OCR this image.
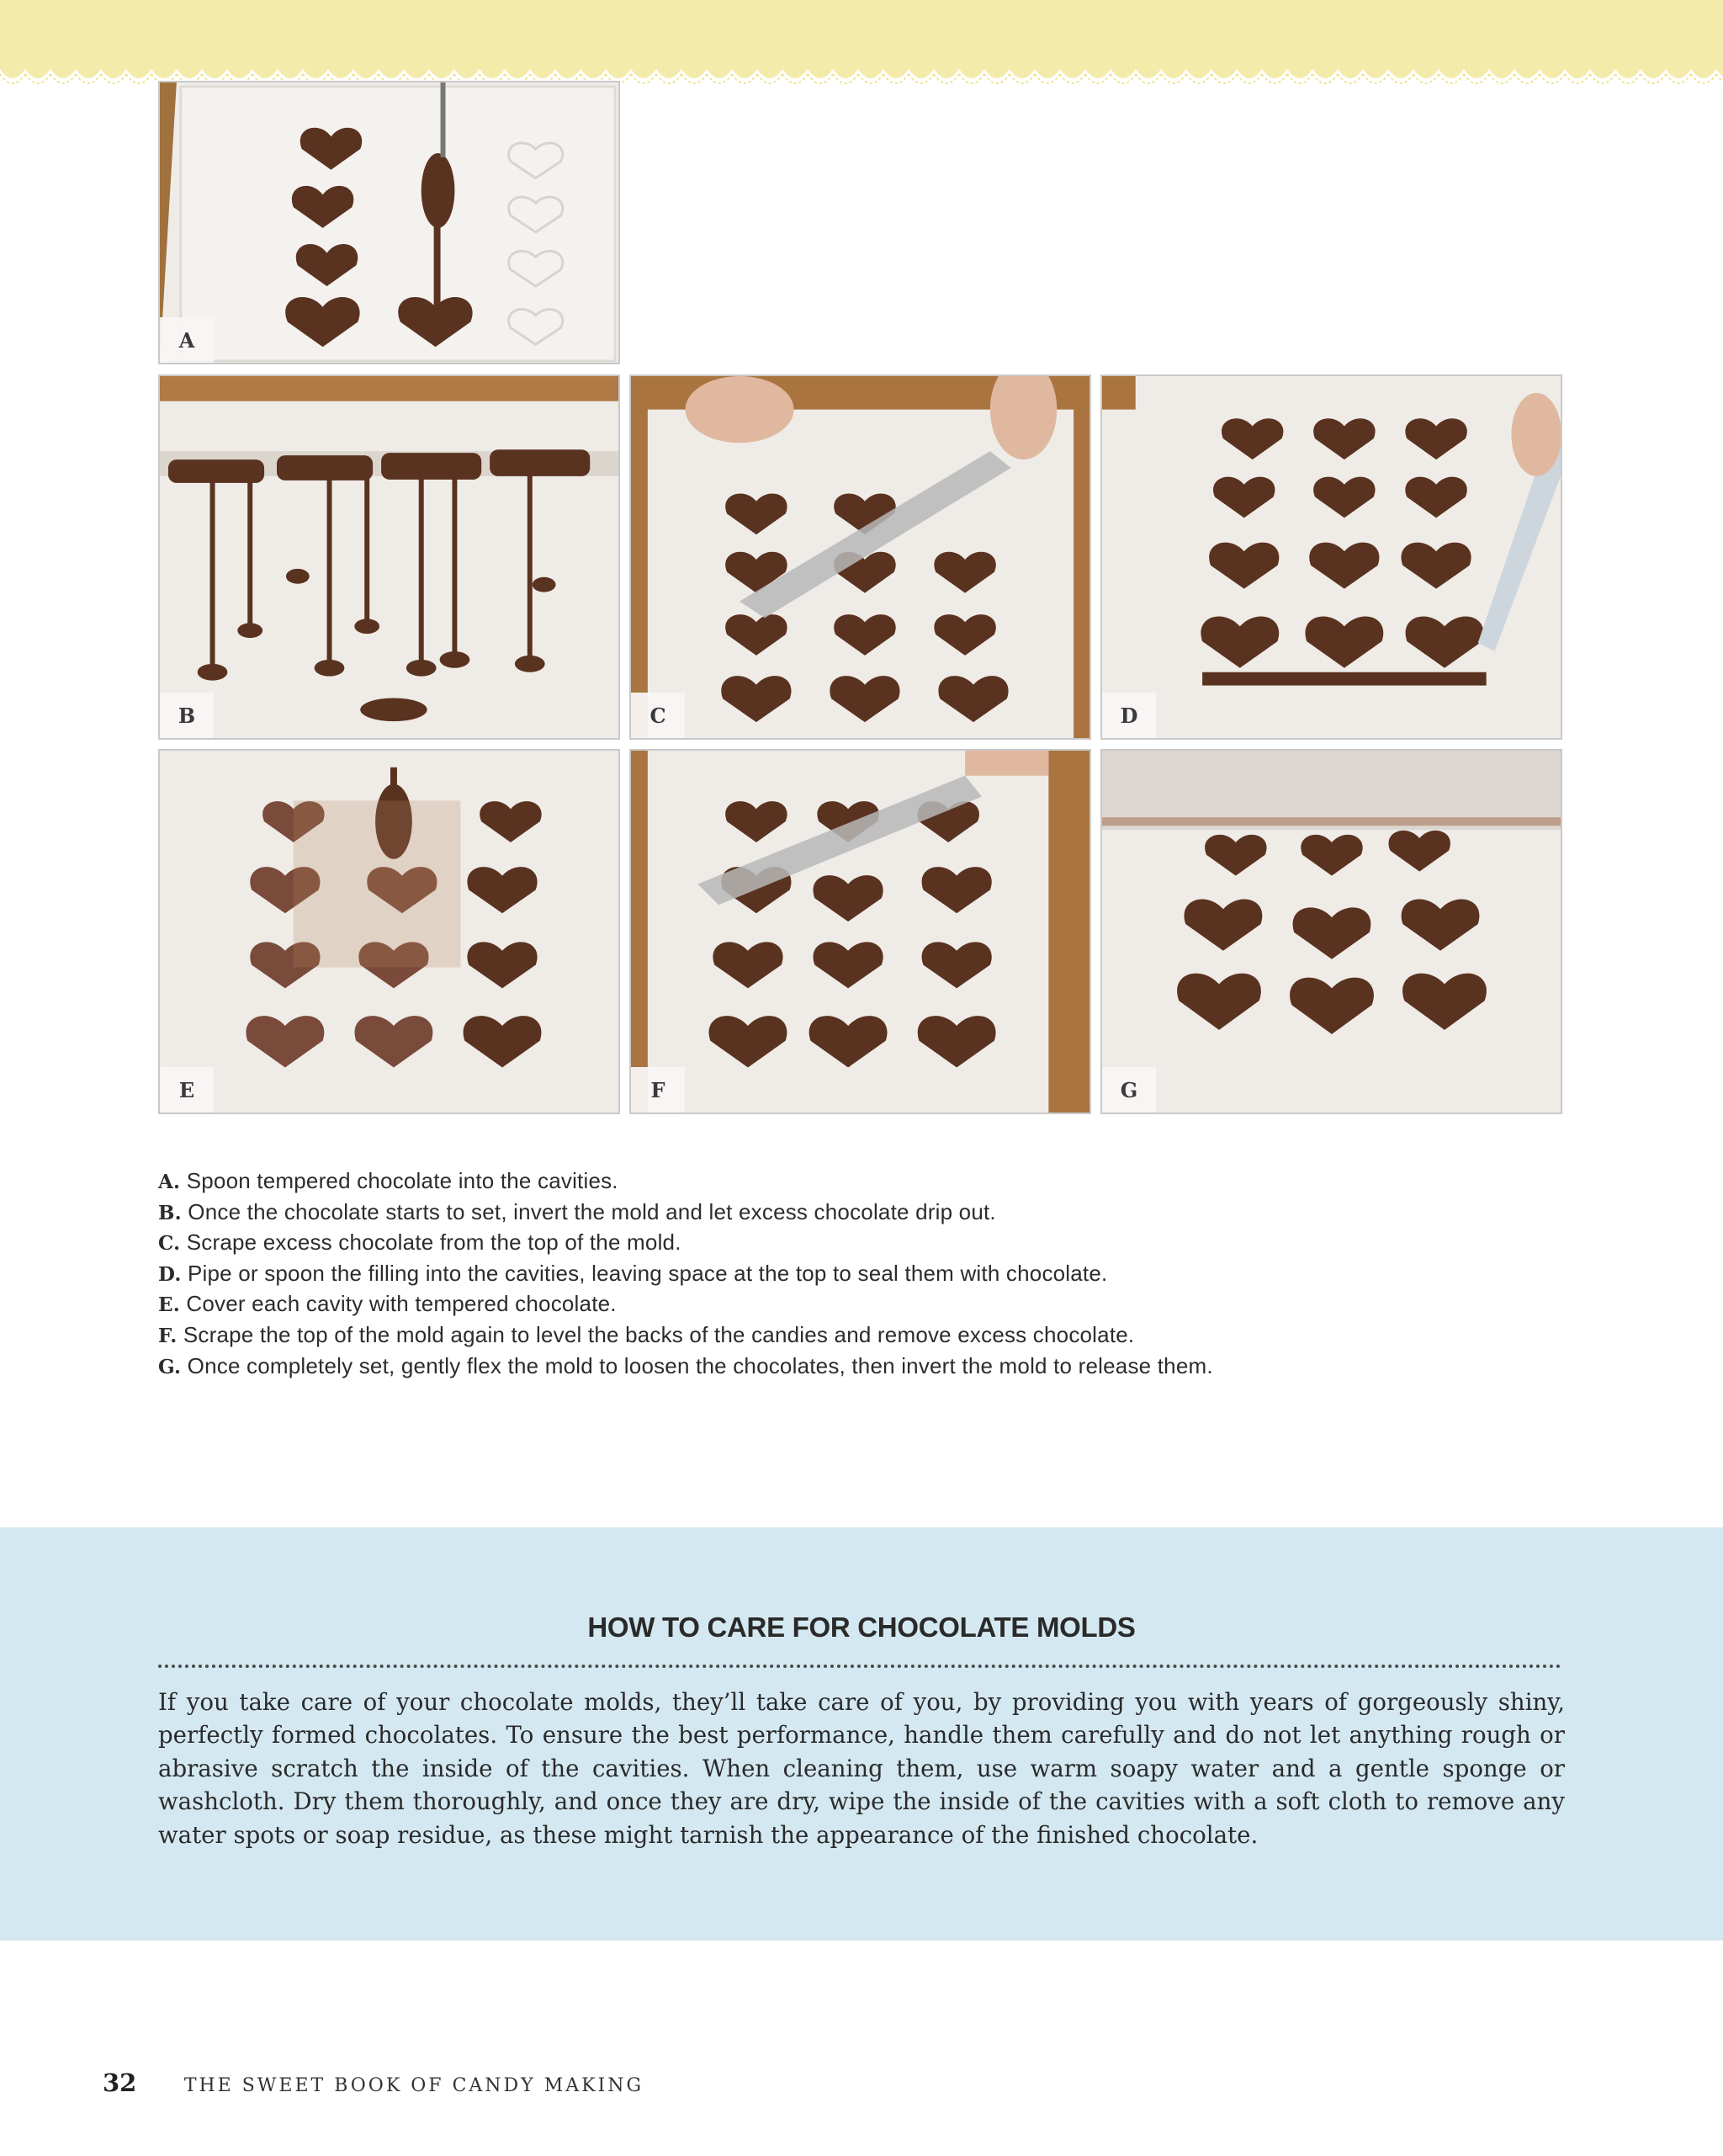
A
B	C	D
E	F	G
A. Spoon tempered chocolate into the cavities.
B. Once the chocolate starts to set, invert the mold and let excess chocolate drip out.
C. Scrape excess chocolate from the top of the mold.
D. Pipe or spoon the filling into the cavities, leaving space at the top to seal them with chocolate.
E. Cover each cavity with tempered chocolate.
F. Scrape the top of the mold again to level the backs of the candies and remove excess chocolate.
G. Once completely set, gently flex the mold to loosen the chocolates, then invert the mold to release them.
HOW TO CARE FOR CHOCOLATE MOLDS
If you take care of your chocolate molds, they’ll take care of you, by providing you with years of gorgeously shiny, perfectly formed chocolates. To ensure the best performance, handle them carefully and do not let anything rough or abrasive scratch the inside of the cavities. When cleaning them, use warm soapy water and a gentle sponge or washcloth. Dry them thoroughly, and once they are dry, wipe the inside of the cavities with a soft cloth to remove any water spots or soap residue, as these might tarnish the appearance of the finished chocolate.
32	THE SWEET BOOK OF CANDY MAKING
